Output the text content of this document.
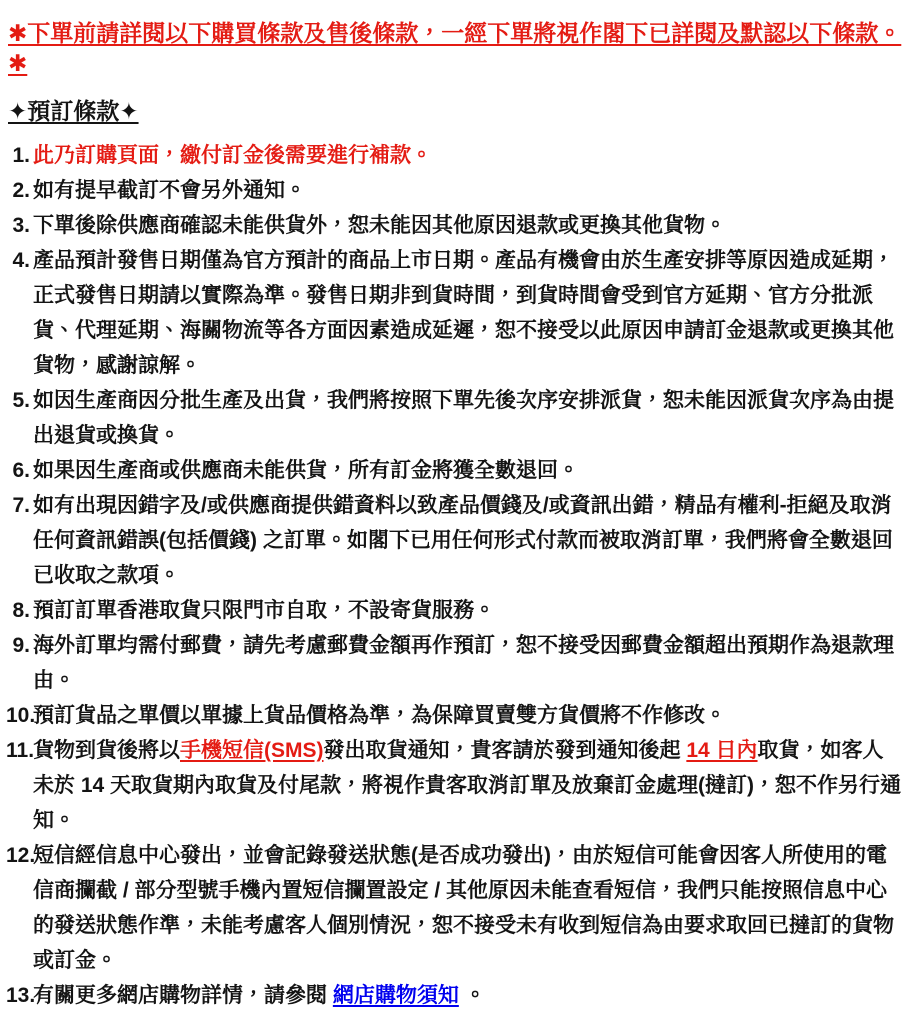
✱下單前請詳閱以下購買條款及售後條款，一經下單將視作閣下已詳閱及默認以下條款。✱
✦預訂條款✦
1. 此乃訂購頁面，繳付訂金後需要進行補款。

2. 如有提早截訂不會另外通知。

3. 下單後除供應商確認未能供貨外，恕未能因其他原因退款或更換其他貨物。

4. 產品預計發售日期僅為官方預計的商品上市日期。產品有機會由於生產安排等原因造成延期，正式發售日期請以實際為準。發售日期非到貨時間，到貨時間會受到官方延期、官方分批派貨、代理延期、海關物流等各方面因素造成延遲，恕不接受以此原因申請訂金退款或更換其他貨物，感謝諒解。

5. 如因生產商因分批生產及出貨，我們將按照下單先後次序安排派貨，恕未能因派貨次序為由提出退貨或換貨。

6. 如果因生產商或供應商未能供貨，所有訂金將獲全數退回。

7. 如有出現因錯字及/或供應商提供錯資料以致產品價錢及/或資訊出錯，精品有權利-拒絕及取消任何資訊錯誤(包括價錢) 之訂單。如閣下已用任何形式付款而被取消訂單，我們將會全數退回已收取之款項。

8. 預訂訂單香港取貨只限門市自取，不設寄貨服務。

9. 海外訂單均需付郵費，請先考慮郵費金額再作預訂，恕不接受因郵費金額超出預期作為退款理由。

10.

預訂貨品之單價以單據上貨品價格為準，為保障買賣雙方貨價將不作修改。

11.

貨物到貨後將以手機短信(SMS)發出取貨通知，貴客請於發到通知後起 14 日內取貨，如客人未於 14 天取貨期內取貨及付尾款，將視作貴客取消訂單及放棄訂金處理(撻訂)，恕不作另行通知。

12.

短信經信息中心發出，並會記錄發送狀態(是否成功發出)，由於短信可能會因客人所使用的電信商攔截 / 部分型號手機內置短信攔置設定 / 其他原因未能查看短信，我們只能按照信息中心的發送狀態作準，未能考慮客人個別情況，恕不接受未有收到短信為由要求取回已撻訂的貨物或訂金。

13.

有關更多網店購物詳情，請參閱 網店購物須知 。
